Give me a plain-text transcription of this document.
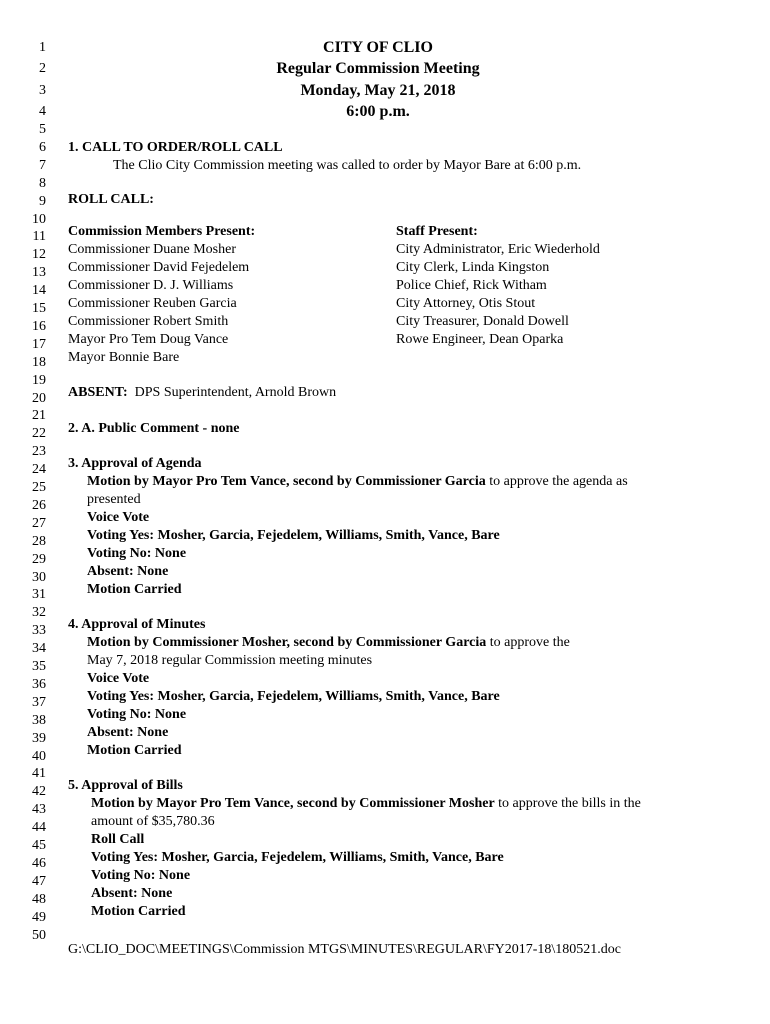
1
2
3
4
5
6
7
8
9
10
11
12
13
14
15
16
17
18
19
20
21
22
23
24
25
26
27
28
29
30
31
32
33
34
35
36
37
38
39
40
41
42
43
44
45
46
47
48
49
50
CITY OF CLIO
Regular Commission Meeting
Monday, May 21, 2018
6:00 p.m.
1. CALL TO ORDER/ROLL CALL
The Clio City Commission meeting was called to order by Mayor Bare at 6:00 p.m.
ROLL CALL:
Commission Members Present:	Staff Present:
Commissioner Duane Mosher
Commissioner David Fejedelem
Commissioner D. J. Williams
Commissioner Reuben Garcia
Commissioner Robert Smith
Mayor Pro Tem Doug Vance
Mayor Bonnie Bare
City Administrator, Eric Wiederhold
City Clerk, Linda Kingston
Police Chief, Rick Witham
City Attorney, Otis Stout
City Treasurer, Donald Dowell
Rowe Engineer, Dean Oparka
ABSENT: DPS Superintendent, Arnold Brown
2. A. Public Comment - none
3. Approval of Agenda
Motion by Mayor Pro Tem Vance, second by Commissioner Garcia to approve the agenda as
presented
Voice Vote
Voting Yes: Mosher, Garcia, Fejedelem, Williams, Smith, Vance, Bare
Voting No: None
Absent: None
Motion Carried
4. Approval of Minutes
Motion by Commissioner Mosher, second by Commissioner Garcia to approve the
May 7, 2018 regular Commission meeting minutes
Voice Vote
Voting Yes: Mosher, Garcia, Fejedelem, Williams, Smith, Vance, Bare
Voting No: None
Absent: None
Motion Carried
5. Approval of Bills
Motion by Mayor Pro Tem Vance, second by Commissioner Mosher to approve the bills in the
amount of $35,780.36
Roll Call
Voting Yes: Mosher, Garcia, Fejedelem, Williams, Smith, Vance, Bare
Voting No: None
Absent: None
Motion Carried
G:\CLIO_DOC\MEETINGS\Commission MTGS\MINUTES\REGULAR\FY2017-18\180521.doc
